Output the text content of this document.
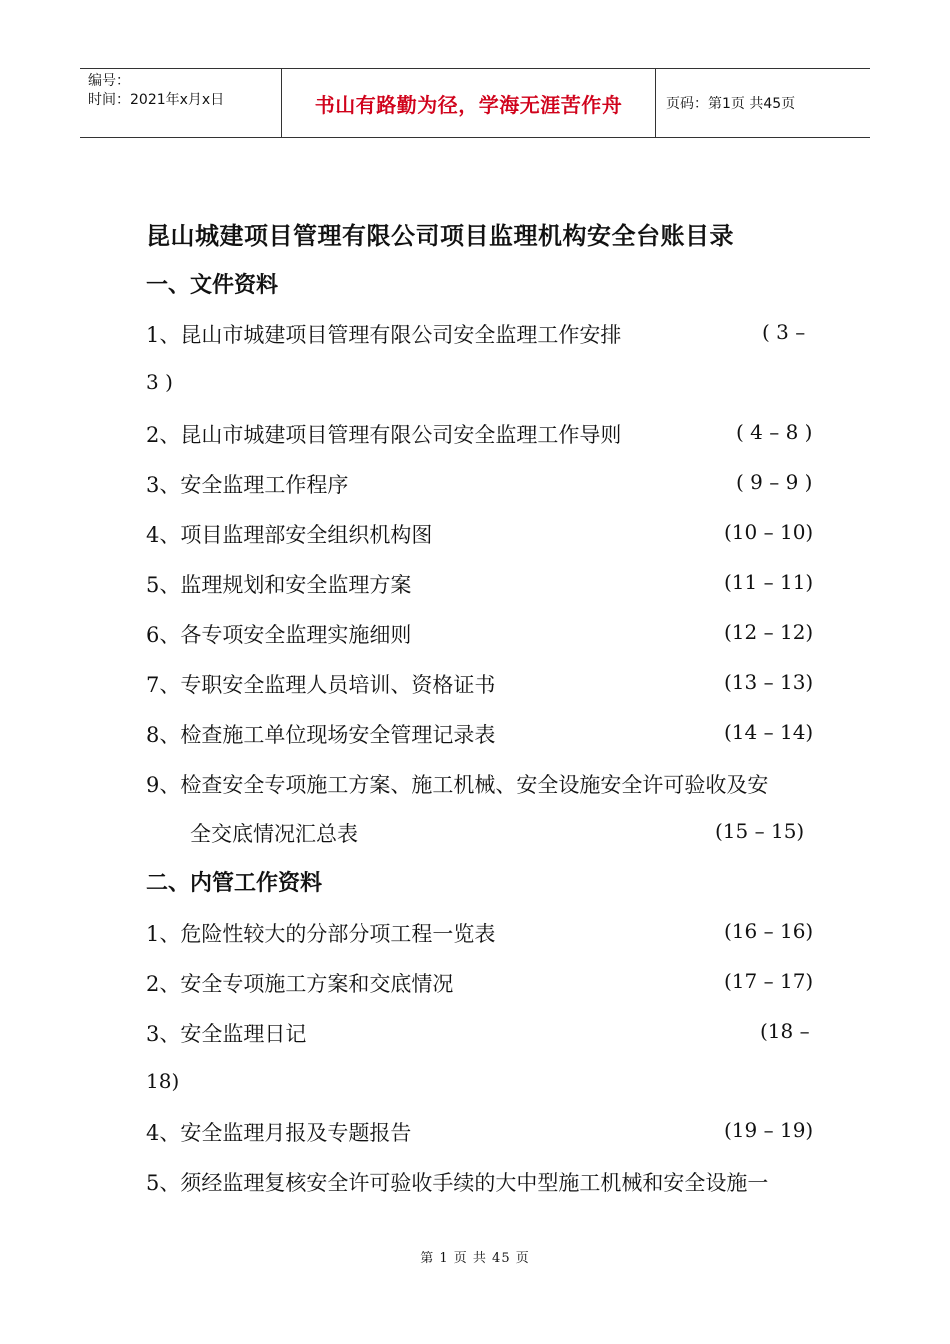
编号：
时间：2021年x月x日	书山有路勤为径，学海无涯苦作舟	页码：第1页 共45页
昆山城建项目管理有限公司项目监理机构安全台账目录
一、文件资料
1、昆山市城建项目管理有限公司安全监理工作安排	( 3 –
3 )
2、昆山市城建项目管理有限公司安全监理工作导则	( 4 – 8 )
3、安全监理工作程序	( 9 – 9 )
4、项目监理部安全组织机构图	(10 – 10)
5、监理规划和安全监理方案	(11 – 11)
6、各专项安全监理实施细则	(12 – 12)
7、专职安全监理人员培训、资格证书	(13 – 13)
8、检查施工单位现场安全管理记录表	(14 – 14)
9、检查安全专项施工方案、施工机械、安全设施安全许可验收及安
全交底情况汇总表	(15 – 15)
二、内管工作资料
1、危险性较大的分部分项工程一览表	(16 – 16)
2、安全专项施工方案和交底情况	(17 – 17)
3、安全监理日记	(18 –
18)
4、安全监理月报及专题报告	(19 – 19)
5、须经监理复核安全许可验收手续的大中型施工机械和安全设施一
第 1 页 共 45 页
